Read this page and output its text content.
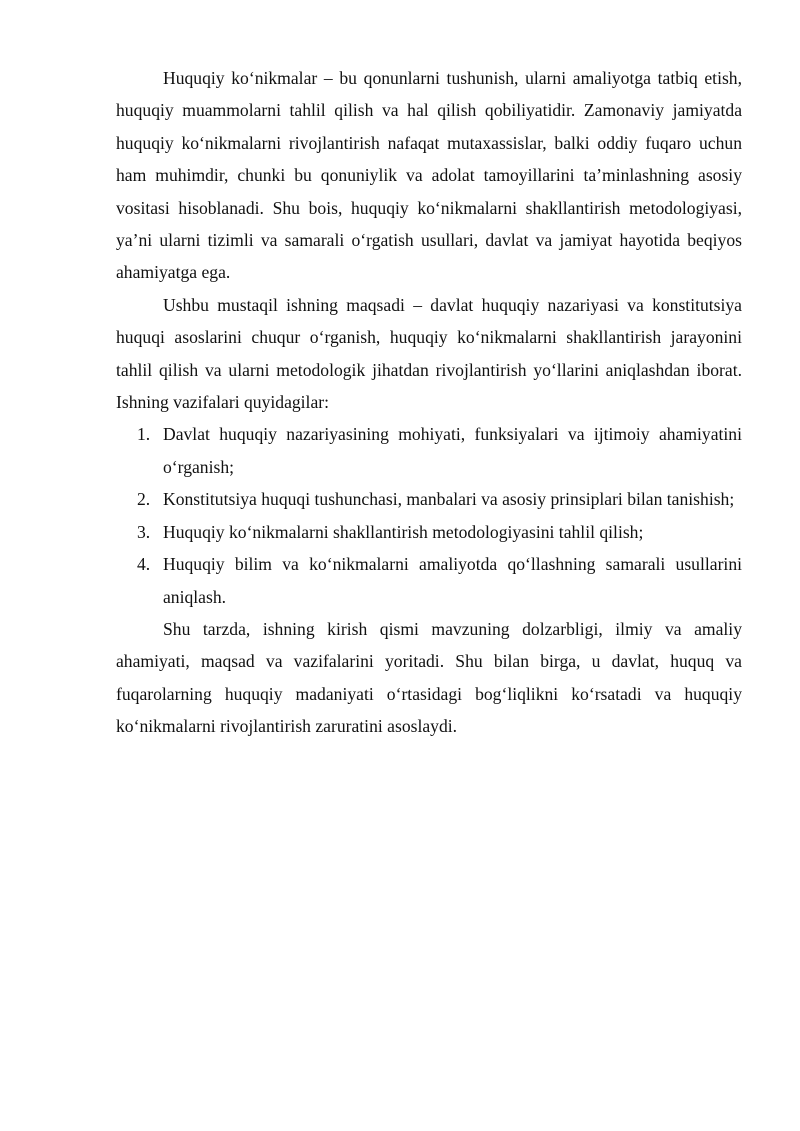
Huquqiy ko‘nikmalar – bu qonunlarni tushunish, ularni amaliyotga tatbiq etish, huquqiy muammolarni tahlil qilish va hal qilish qobiliyatidir. Zamonaviy jamiyatda huquqiy ko‘nikmalarni rivojlantirish nafaqat mutaxassislar, balki oddiy fuqaro uchun ham muhimdir, chunki bu qonuniylik va adolat tamoyillarini ta’minlashning asosiy vositasi hisoblanadi. Shu bois, huquqiy ko‘nikmalarni shakllantirish metodologiyasi, ya’ni ularni tizimli va samarali o‘rgatish usullari, davlat va jamiyat hayotida beqiyos ahamiyatga ega.

Ushbu mustaqil ishning maqsadi – davlat huquqiy nazariyasi va konstitutsiya huquqi asoslarini chuqur o‘rganish, huquqiy ko‘nikmalarni shakllantirish jarayonini tahlil qilish va ularni metodologik jihatdan rivojlantirish yo‘llarini aniqlashdan iborat. Ishning vazifalari quyidagilar:

1. Davlat huquqiy nazariyasining mohiyati, funksiyalari va ijtimoiy ahamiyatini o‘rganish;
2. Konstitutsiya huquqi tushunchasi, manbalari va asosiy prinsiplari bilan tanishish;
3. Huquqiy ko‘nikmalarni shakllantirish metodologiyasini tahlil qilish;
4. Huquqiy bilim va ko‘nikmalarni amaliyotda qo‘llashning samarali usullarini aniqlash.

Shu tarzda, ishning kirish qismi mavzuning dolzarbligi, ilmiy va amaliy ahamiyati, maqsad va vazifalarini yoritadi. Shu bilan birga, u davlat, huquq va fuqarolarning huquqiy madaniyati o‘rtasidagi bog‘liqlikni ko‘rsatadi va huquqiy ko‘nikmalarni rivojlantirish zaruratini asoslaydi.
